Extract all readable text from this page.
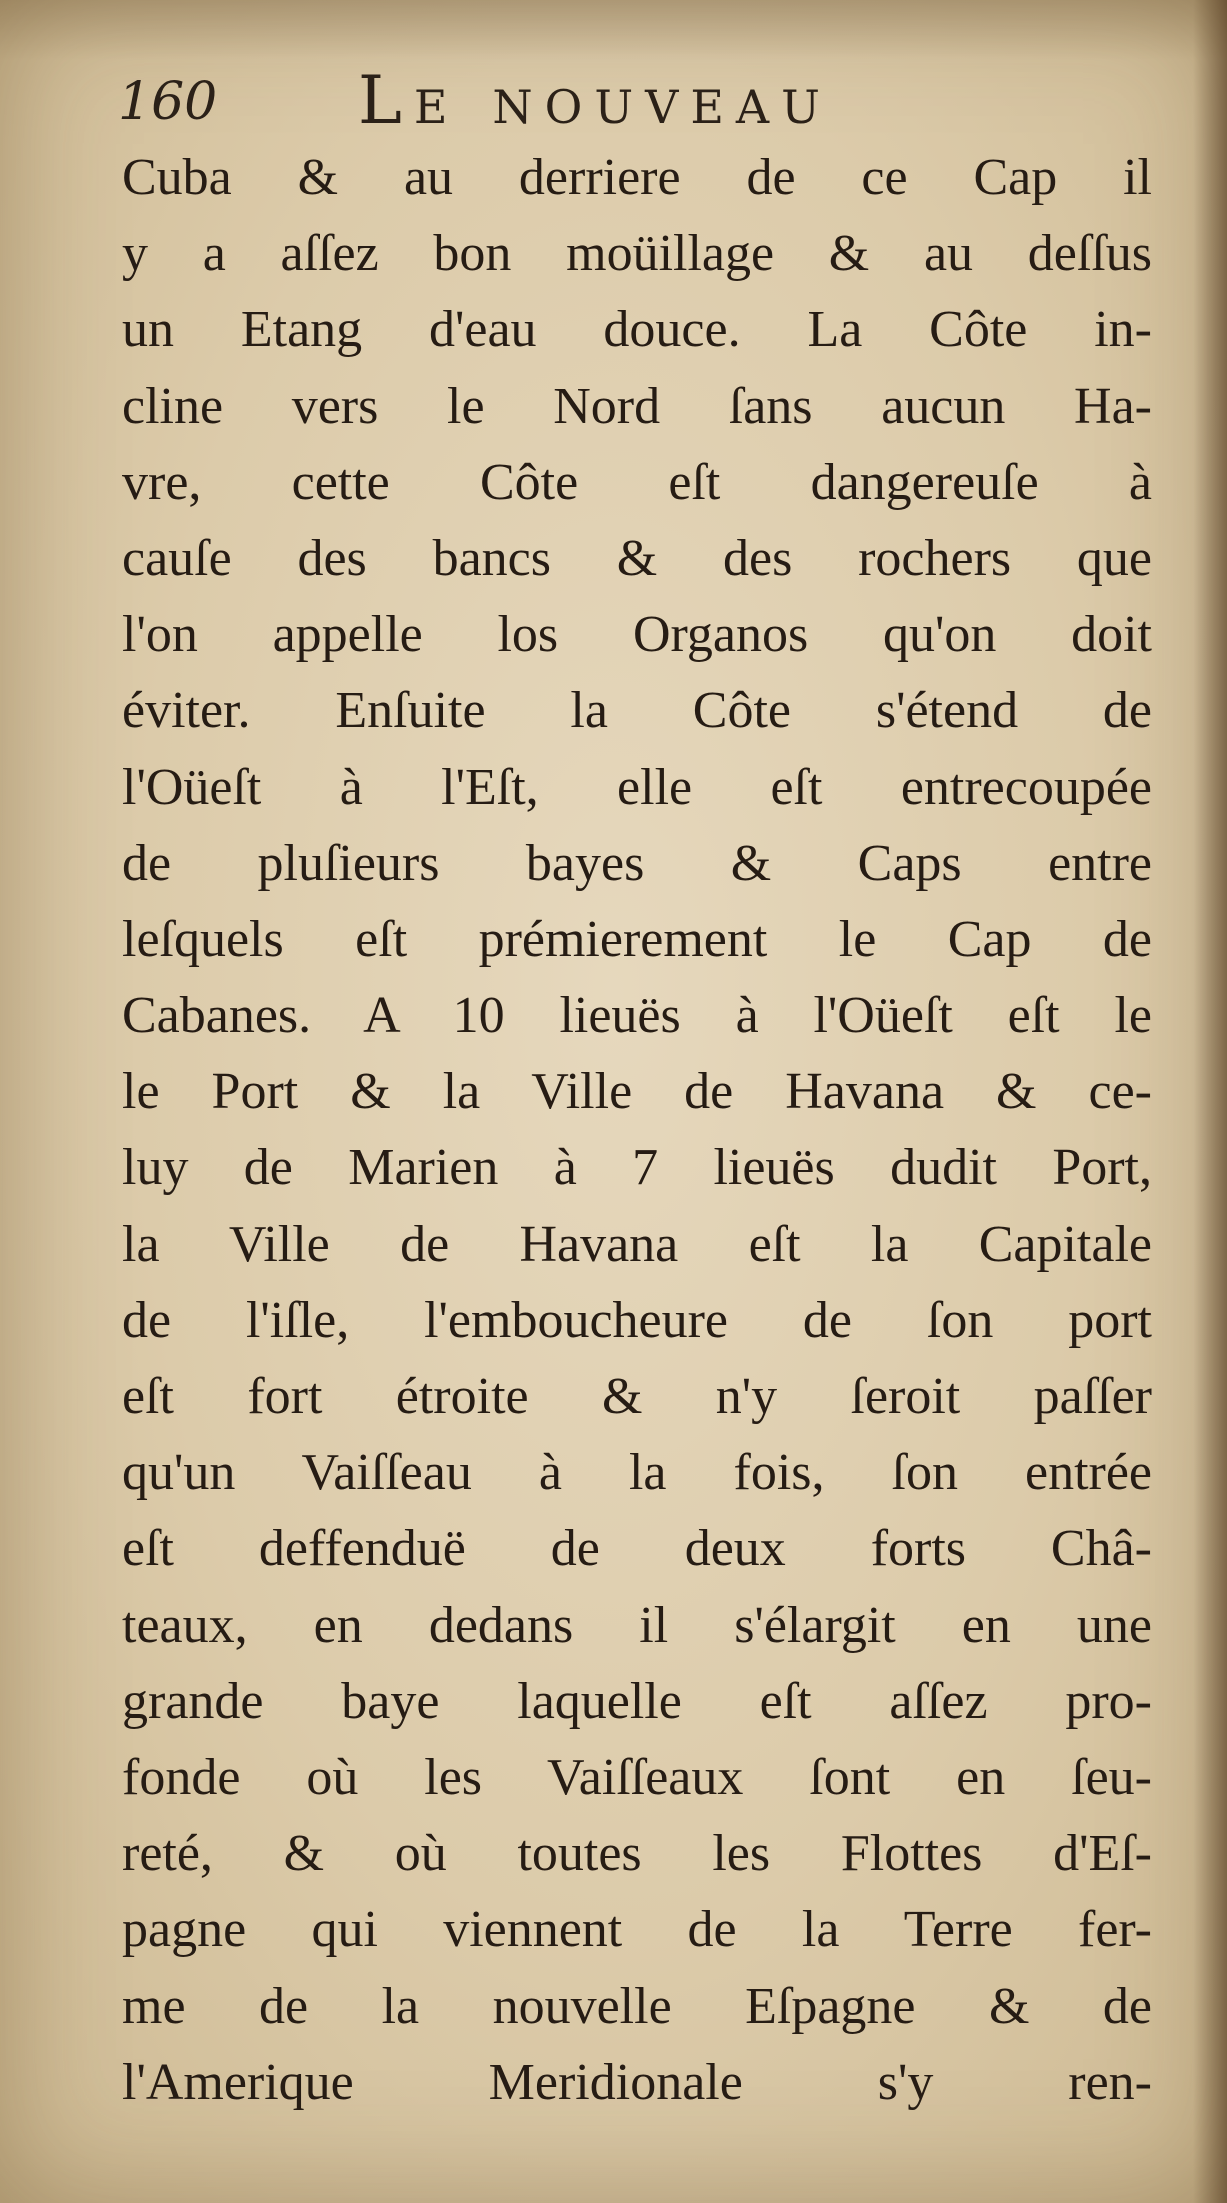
160 Le nouveau
Cuba & au derriere de ce Cap il
y a aſſez bon moüillage & au deſſus
un Etang d'eau douce. La Côte in-
cline vers le Nord ſans aucun Ha-
vre, cette Côte eſt dangereuſe à
cauſe des bancs & des rochers que
l'on appelle los Organos qu'on doit
éviter. Enſuite la Côte s'étend de
l'Oüeſt à l'Eſt, elle eſt entrecoupée
de pluſieurs bayes & Caps entre
leſquels eſt prémierement le Cap de
Cabanes. A 10 lieuës à l'Oüeſt eſt le
le Port & la Ville de Havana & ce-
luy de Marien à 7 lieuës dudit Port,
la Ville de Havana eſt la Capitale
de l'iſle, l'embouchеure de ſon port
eſt fort étroite & n'y ſeroit paſſer
qu'un Vaiſſeau à la fois, ſon entrée
eſt deffenduë de deux forts Châ-
teaux, en dedans il s'élargit en une
grande baye laquelle eſt aſſez pro-
fonde où les Vaiſſeaux ſont en ſeu-
reté, & où toutes les Flottes d'Eſ-
pagne qui viennent de la Terre fer-
me de la nouvelle Eſpagne & de
l'Amerique Meridionale s'y ren-
